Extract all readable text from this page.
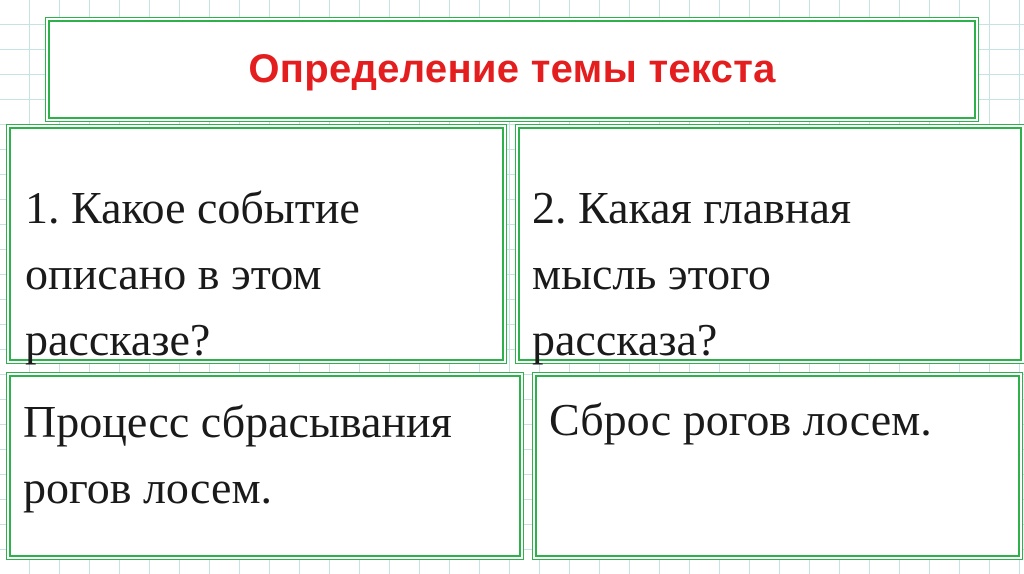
Определение темы текста

1. Какое событие
описано в этом
рассказе?

2. Какая главная
мысль этого
рассказа?

Процесс сбрасывания
рогов лосем.

Сброс рогов лосем.
